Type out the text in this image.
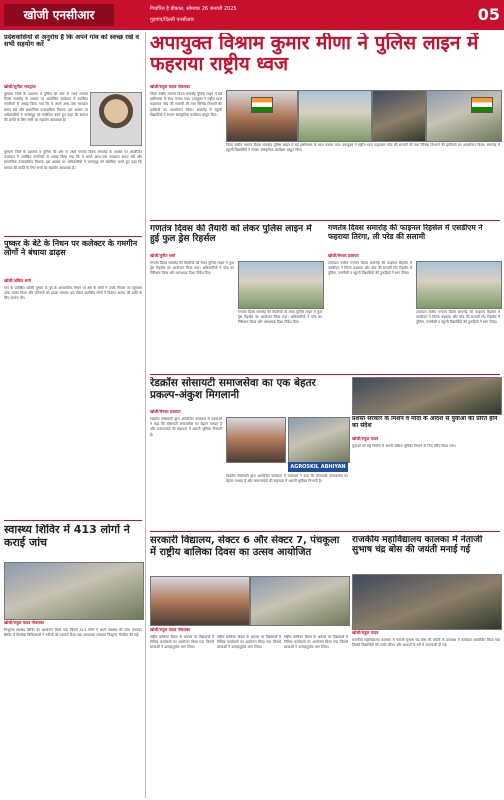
खोजी एनसीआर	गिर्धारित है प्रीकाल, सोमवार 26 जनवरी 2025
गुड़गांव/दिल्ली एनसीआर	05
प्रदेशवासियों से अनुरोध है कि अपने गांव को स्वच्छ रखें व सभी सहयोग करें
खोजी/सुनील भारद्वाज
गुरुग्राम जिले के प्रशासन व पुलिस की ओर से 76वें गणतंत्र दिवस समारोह के अवसर पर आयोजित कार्यक्रम में उपस्थित नागरिकों से आग्रह किया गया कि वे अपने आस-पास स्वच्छता बनाए रखें और सामाजिक उत्तरदायित्व निभाएं। इस अवसर पर अधिकारियों ने जनसमूह को संबोधित करते हुए कहा कि समाज की प्रगति के लिए सभी का सहयोग आवश्यक है।
गुरुग्राम जिले के प्रशासन व पुलिस की ओर से 76वें गणतंत्र दिवस समारोह के अवसर पर आयोजित कार्यक्रम में उपस्थित नागरिकों से आग्रह किया गया कि वे अपने आस-पास स्वच्छता बनाए रखें और सामाजिक उत्तरदायित्व निभाएं। इस अवसर पर अधिकारियों ने जनसमूह को संबोधित करते हुए कहा कि समाज की प्रगति के लिए सभी का सहयोग आवश्यक है।
पुष्कर के बेटे के निधन पर कलेक्टर के गमगीन लोगों ने बंधाया ढाढ़स
खोजी/अंकित शर्मा
गांव के प्रतिष्ठित व्यक्ति पुष्कर के पुत्र के असामयिक निधन पर क्षेत्र के लोगों ने उनके निवास पर पहुंचकर शोक व्यक्त किया और परिजनों को ढाढ़स बंधाया। इस दौरान उपस्थित लोगों ने दिवंगत आत्मा की शांति के लिए प्रार्थना की।
स्वास्थ्य शिविर में 413 लोगों ने कराई जांच
खोजी/राहुल यादव गोवलका
निःशुल्क स्वास्थ्य शिविर का आयोजन किया गया जिसमें 413 लोगों ने अपने स्वास्थ्य की जांच करवाई। शिविर में विशेषज्ञ चिकित्सकों ने मरीजों को परामर्श दिया तथा आवश्यक दवाइयां निःशुल्क वितरित की गई।
अपायुक्त विश्राम कुमार मीणा ने पुलिस लाइन में फहराया राष्ट्रीय ध्वज
खोजी/राहुल यादव गोवलका
जिला स्तरीय गणतंत्र दिवस समारोह पुलिस लाइन में बड़े हर्षोल्लास के साथ मनाया गया। उपायुक्त ने राष्ट्रीय ध्वज फहराकर परेड की सलामी ली तथा विभिन्न विभागों की झांकियों का अवलोकन किया। समारोह में स्कूली विद्यार्थियों ने रंगारंग सांस्कृतिक कार्यक्रम प्रस्तुत किए।
जिला स्तरीय गणतंत्र दिवस समारोह पुलिस लाइन में बड़े हर्षोल्लास के साथ मनाया गया। उपायुक्त ने राष्ट्रीय ध्वज फहराकर परेड की सलामी ली तथा विभिन्न विभागों की झांकियों का अवलोकन किया। समारोह में स्कूली विद्यार्थियों ने रंगारंग सांस्कृतिक कार्यक्रम प्रस्तुत किए।
गणतंत्र दिवस की तैयारी को लेकर पुलिस लाइन में हुई फुल ड्रेस रिहर्सल
खोजी/पुनीत शर्मा
गणतंत्र दिवस समारोह की तैयारियों को लेकर पुलिस लाइन में फुल ड्रेस रिहर्सल का आयोजन किया गया। अधिकारियों ने परेड का निरीक्षण किया और आवश्यक दिशा-निर्देश दिए।
गणतंत्र दिवस समारोह की तैयारियों को लेकर पुलिस लाइन में फुल ड्रेस रिहर्सल का आयोजन किया गया। अधिकारियों ने परेड का निरीक्षण किया और आवश्यक दिशा-निर्देश दिए।
गणतंत्र दिवस समारोह की फाइनल रिहर्सल में एसडीएम ने फहराया तिरंगा, ली परेड की सलामी
खोजी/मेनका प्रजापत
उपमंडल स्तरीय गणतंत्र दिवस समारोह की फाइनल रिहर्सल में एसडीएम ने तिरंगा फहराया और परेड की सलामी ली। रिहर्सल में पुलिस, एनसीसी व स्कूली विद्यार्थियों की टुकड़ियों ने भाग लिया।
उपमंडल स्तरीय गणतंत्र दिवस समारोह की फाइनल रिहर्सल में एसडीएम ने तिरंगा फहराया और परेड की सलामी ली। रिहर्सल में पुलिस, एनसीसी व स्कूली विद्यार्थियों की टुकड़ियों ने भाग लिया।
रेडक्रॉस सोसायटी समाजसेवा का एक बेहतर प्रकल्प-अंकुश मिगलानी
खोजी/मेनका प्रजापत
रेडक्रॉस सोसायटी द्वारा आयोजित कार्यक्रम में वक्ताओं ने कहा कि सोसायटी समाजसेवा का बेहतर माध्यम है और जरूरतमंदों की सहायता में अग्रणी भूमिका निभाती है।
AGROSKIL ABHIYAN
रेडक्रॉस सोसायटी द्वारा आयोजित कार्यक्रम में वक्ताओं ने कहा कि सोसायटी समाजसेवा का बेहतर माध्यम है और जरूरतमंदों की सहायता में अग्रणी भूमिका निभाती है।
प्रशंसा सरकार के मिशन व मोदी के आदर्श से युवाओं को प्रेरित होने का संदेश
खोजी/राहुल यादव
युवाओं को राष्ट्र निर्माण में अपनी सक्रिय भूमिका निभाने के लिए प्रेरित किया गया।
सरकारी विद्यालय, सेक्टर 6 और सेक्टर 7, पंचकूला में राष्ट्रीय बालिका दिवस का उत्सव आयोजित
खोजी/राहुल यादव गोवलका
राष्ट्रीय बालिका दिवस के अवसर पर विद्यालयों में विभिन्न कार्यक्रमों का आयोजन किया गया जिसमें छात्राओं ने उत्साहपूर्वक भाग लिया।
राष्ट्रीय बालिका दिवस के अवसर पर विद्यालयों में विभिन्न कार्यक्रमों का आयोजन किया गया जिसमें छात्राओं ने उत्साहपूर्वक भाग लिया।
राष्ट्रीय बालिका दिवस के अवसर पर विद्यालयों में विभिन्न कार्यक्रमों का आयोजन किया गया जिसमें छात्राओं ने उत्साहपूर्वक भाग लिया।
राजकीय महाविद्यालय कालका में नेताजी सुभाष चंद्र बोस की जयंती मनाई गई
खोजी/राहुल यादव
राजकीय महाविद्यालय कालका में नेताजी सुभाष चंद्र बोस की जयंती के उपलक्ष्य में कार्यक्रम आयोजित किया गया जिसमें विद्यार्थियों को उनके जीवन और आदर्शों के बारे में जानकारी दी गई।
